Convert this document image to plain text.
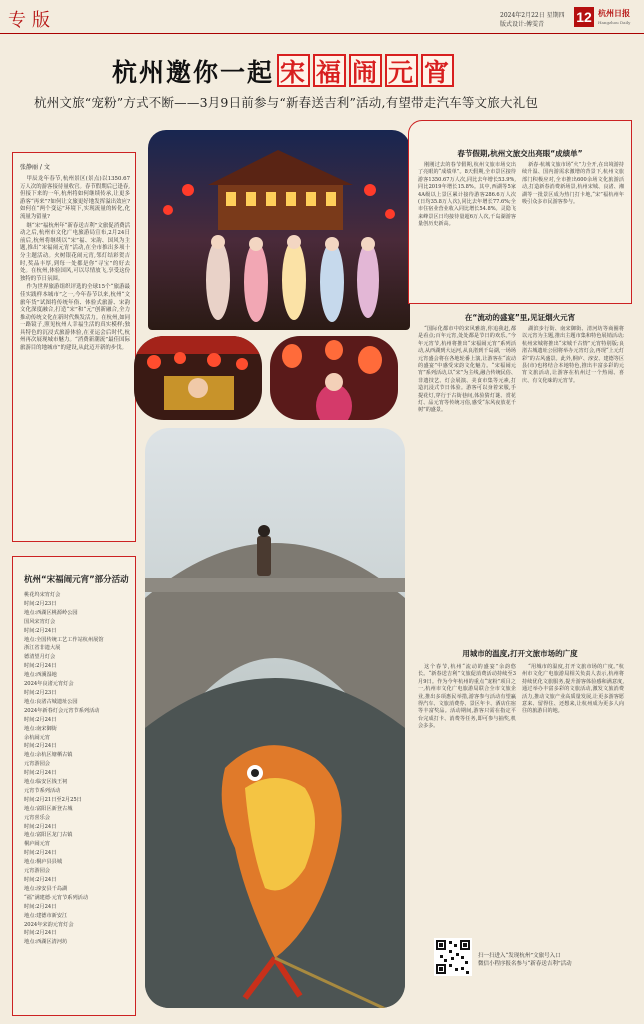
专版	2024年2月22日 星期四
版式设计:傅雯青 12 杭州日报
Hangzhou Daily
杭州邀你一起 宋 福 闹 元 宵
杭州文旅“宠粉”方式不断——3月9日前参与“新春送吉利”活动,有望带走汽车等文旅大礼包
张静丽 / 文

甲辰龙年春节,杭州景区(景点)以1350.67万人次的游客接待量收官。春节假期后已逢春,但接下来的一年,杭州将如何继续传承,让更多游客“再来”?如何让文旅更好地发挥溢出效应?如何在“两个变运”环境下,实现流量的转化,化流量为留量?

继“宋”福杭州年“新春送吉利”文旅促消费活动之后,杭州市文化广电旅游局宣布,2月24日前后,杭州将继续以“宋”福、宋韵、国风为主题,推出“宋福闹元宵”活动,在全市推出多项十分主题活动。火树银花闹元宵,邻灯结彩贺吉时,奖品丰厚,到每一处都是你“寻宝”的好去处。在杭州,体验国风,可以尽情放飞,享受这份独特的节日氛围。

作为世界旅游组织评选的全球15个“旅游最佳实践样本城市”之一,今年春节以来,杭州“文旅年货”试图将传统年俗、体验式旅游、宋韵文化深度融合,打造“宋”和“元”创新融合,全力推动传统文化在新时代焕发活力。在杭州,如同一路镜子,照见杭州人幸福生活的真实模样;独具特色的沉浸式旅游体验,在亚运会后时代,杭州再次展现城市魅力。“消费新潮流”最佳国际旅游目的地城市”的建设,从此迈开新的步伐。

杭州“宋福闹元宵”部分活动
桃花坞宋宵灯会
时间:2月23日
地点:西湖区桃源岭公园
国风宋宵灯会
时间:2月24日
地点:全国传统工艺工作站杭州展馆
浙江省非遗大展
德清望月灯会
时间:2月24日
地点:西溪湿地
2024年良渚元宵灯会
时间:2月23日
地点:良渚古城遗址公园
2024年新春灯会元宵节系列活动
时间:2月24日
地点:南宋御街
余杭闹元宵
时间:2月24日
地点:余杭区塘栖古镇
元宵游园会
时间:2月24日
地点:临安区钱王祠
元宵节系列活动
时间:2月21日至2月25日
地点:富阳区新登古城
元宵喜乐会
时间:2月24日
地点:富阳区龙门古镇
桐庐闹元宵
时间:2月24日
地点:桐庐县县城
元宵游园会
时间:2月24日
地点:淳安县千岛湖
“福”满建德·元宵节系列活动
时间:2月24日
地点:建德市新安江
2024年宋韵元宵灯会
时间:2月24日
地点:西湖区清河坊
春节假期,杭州文旅交出亮眼“成绩单”

刚刚过去的春节假期,杭州文旅市场交出了亮眼的“成绩单”。8天假期,全市景区接待游客1350.67万人次,同比去年增长53.9%,同比2019年增长15.8%。其中,西湖等5家4A级以上景区累计接待游客286.6万人次(日均35.8万人次),同比去年增长77.6%;全市住宿业营业收入同比增长54.8%。灵隐飞来峰景区日均接待量超6万人次,千岛湖游客量创历史新高。

新春·杭城文旅市场“火”力全开,在出境游持续升温、国内游需求激增的背景下,杭州文旅部门积极应对,全市推出600余场文化旅游活动,打造新春消费新场景,杭州宋城、良渚、湘湖等一批景区成为热门打卡地,“宋”福杭州年吸引众多市民游客参与。

在“流动的盛宴”里,见证烟火元宵

“国际化都市中的宋风雅韵,你追我赶,都是看点;百年元宵,处处都是节日的欢乐。”今年元宵节,杭州将推出“宋福闹元宵”系列活动,从西湖到大运河,从良渚到千岛湖,一场场元宵盛会将在各地轮番上演,让游客在“流动的盛宴”中感受宋韵文化魅力。“宋福闹元宵”系列活动,以“宋”为主线,融合传统民俗、非遗技艺、灯会展演、美食市集等元素,打造沉浸式节日体验。游客可以身着宋服,手提花灯,穿行于古街巷间,体验猜灯谜、赏花灯、品元宵等传统习俗,感受“东风夜放花千树”的盛景。

湖滨步行街、南宋御街、清河坊等商圈将以元宵为主题,推出主题市集和特色展销活动;杭州宋城将推出“宋城千古情”元宵特别版;良渚古城遗址公园将举办元宵灯会,再现“上元灯彩”的古风盛景。此外,桐庐、淳安、建德等区县(市)也将结合本地特色,推出丰富多彩的元宵文旅活动,让游客在杭州过一个热闹、喜庆、有文化味的元宵节。

用城市的温度,打开文旅市场的广度

这个春节,杭州“流动的盛宴”余韵悠长。“新春送吉利”文旅促消费活动持续至3月9日。作为今年杭州的重点“宠粉”项目之一,杭州市文化广电旅游局联合全市文旅企业,推出多项惠民举措,游客参与活动有望赢得汽车、文旅消费券、景区年卡、酒店住宿等丰富奖品。活动期间,游客只需在指定平台完成打卡、消费等任务,即可参与抽奖,机会多多。

“用城市的温度,打开文旅市场的广度。”杭州市文化广电旅游局相关负责人表示,杭州将持续优化文旅服务,提升游客体验感和满意度,通过举办丰富多彩的文旅活动,激发文旅消费活力,推动文旅产业高质量发展,让更多游客愿意来、留得住、还想来,让杭州成为更多人向往的旅游目的地。

扫一扫进入“发现杭州”文旅号入口
微信小程序报名参与“新春送吉利”活动
